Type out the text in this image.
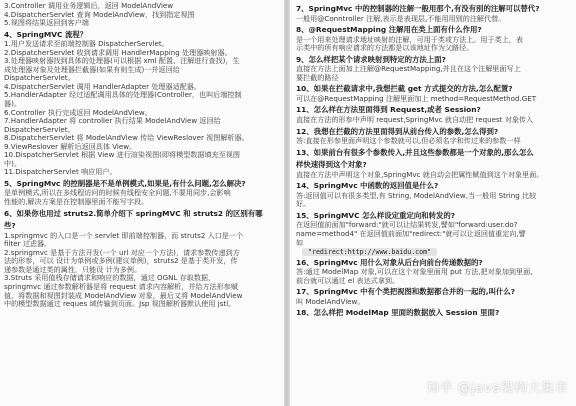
3.Controller 调用业务逻辑后，返回 ModelAndView
4.DispatcherServlet 查询 ModelAndView，找到指定视图
5.视图将结果返回到客户端
4、SpringMVC 流程？
1.用户发送请求至前端控制器 DispatcherServlet。
2.DispatcherServlet 收到请求调用 HandlerMapping 处理器映射器。
3.处理器映射器找到具体的处理器(可以根据 xml 配置、注解进行查找)，生
成处理器对象及处理器拦截器(如果有则生成)一并返回给
DispatcherServlet。
4.DispatcherServlet 调用 HandlerAdapter 处理器适配器。
5.HandlerAdapter 经过适配调用具体的处理器(Controller，也叫后端控制
器)。
6.Controller 执行完成返回 ModelAndView。
7.HandlerAdapter 将 controller 执行结果 ModelAndView 返回给
DispatcherServlet。
8.DispatcherServlet 将 ModelAndView 传给 ViewReslover 视图解析器。
9.ViewReslover 解析后返回具体 View。
10.DispatcherServlet 根据 View 进行渲染视图(即将模型数据填充至视图
中)。
11.DispatcherServlet 响应用户。
5、SpringMvc 的控制器是不是单例模式,如果是,有什么问题,怎么解决?
是单例模式,所以在多线程访问的时候有线程安全问题,不要用同步,会影响
性能的,解决方案是在控制器里面不能写字段。
6、如果你也用过 struts2.简单介绍下 springMVC 和 struts2 的区别有哪
些?
1.springmvc 的入口是一个 servlet 即前端控制器，而 struts2 入口是一个
filter 过虑器。
2.springmvc 是基于方法开发(一个 url 对应一个方法)，请求参数传递到方
法的形参，可以 设计为单例或多例(建议单例)，struts2 是基于类开发，传
递参数是通过类的属性，只能设 计为多例。
3.Struts 采用值栈存储请求和响应的数据，通过 OGNL 存取数据，
springmvc 通过参数解析器是将 request 请求内容解析，并给方法形参赋
值，将数据和视图封装成 ModelAndView 对象，最后又将 ModelAndView
中的模型数据通过 reques 域传输到页面。Jsp 视图解析器默认使用 jstl。
7、SpringMvc 中的控制器的注解一般用那个,有没有别的注解可以替代?
一般用@Conntroller 注解,表示是表现层,不能用用别的注解代替。
8、@RequestMapping 注解用在类上面有什么作用?
是一个用来处理请求地址映射的注解，可用于类或方法上。用于类上，表
示类中的所有响应请求的方法都是以该地址作为父路径。
9、怎么样把某个请求映射到特定的方法上面?
直接在方法上面加上注解@RequestMapping,并且在这个注解里面写上
要拦截的路径
10、如果在拦截请求中,我想拦截 get 方式提交的方法,怎么配置?
可以在@RequestMapping 注解里面加上 method=RequestMethod.GET
11、怎么样在方法里面得到 Request,或者 Session?
直接在方法的形参中声明 request,SpringMvc 就自动把 request 对象传入
12、我想在拦截的方法里面得到从前台传入的参数,怎么得到?
答:直接在形参里面声明这个参数就可以,但必须名字和传过来的参数一样
13、如果前台有很多个参数传入,并且这些参数都是一个对象的,那么怎么
样快速得到这个对象?
直接在方法中声明这个对象,SpringMvc 就自动会把属性赋值到这个对象里面。
14、SpringMvc 中函数的返回值是什么?
答:返回值可以有很多类型,有 String, ModelAndView,当一般用 String 比较
好。
15、SpringMVC 怎么样设定重定向和转发的?
在返回值前面加"forward:"就可以让结果转发,譬如"forward:user.do?
name=method4" 在返回值前面加"redirect:"就可以让返回值重定向,譬
如
"redirect:http://www.baidu.com"
16、SpringMvc 用什么对象从后台向前台传递数据的?
答:通过 ModelMap 对象,可以在这个对象里面用 put 方法,把对象加到里面,
前台就可以通过 el 表达式拿到。
17、SpringMvc 中有个类把视图和数据都合并的一起的,叫什么?
叫 ModelAndView。
18、怎么样把 ModelMap 里面的数据放入 Session 里面?
知乎 @java架构大集市
